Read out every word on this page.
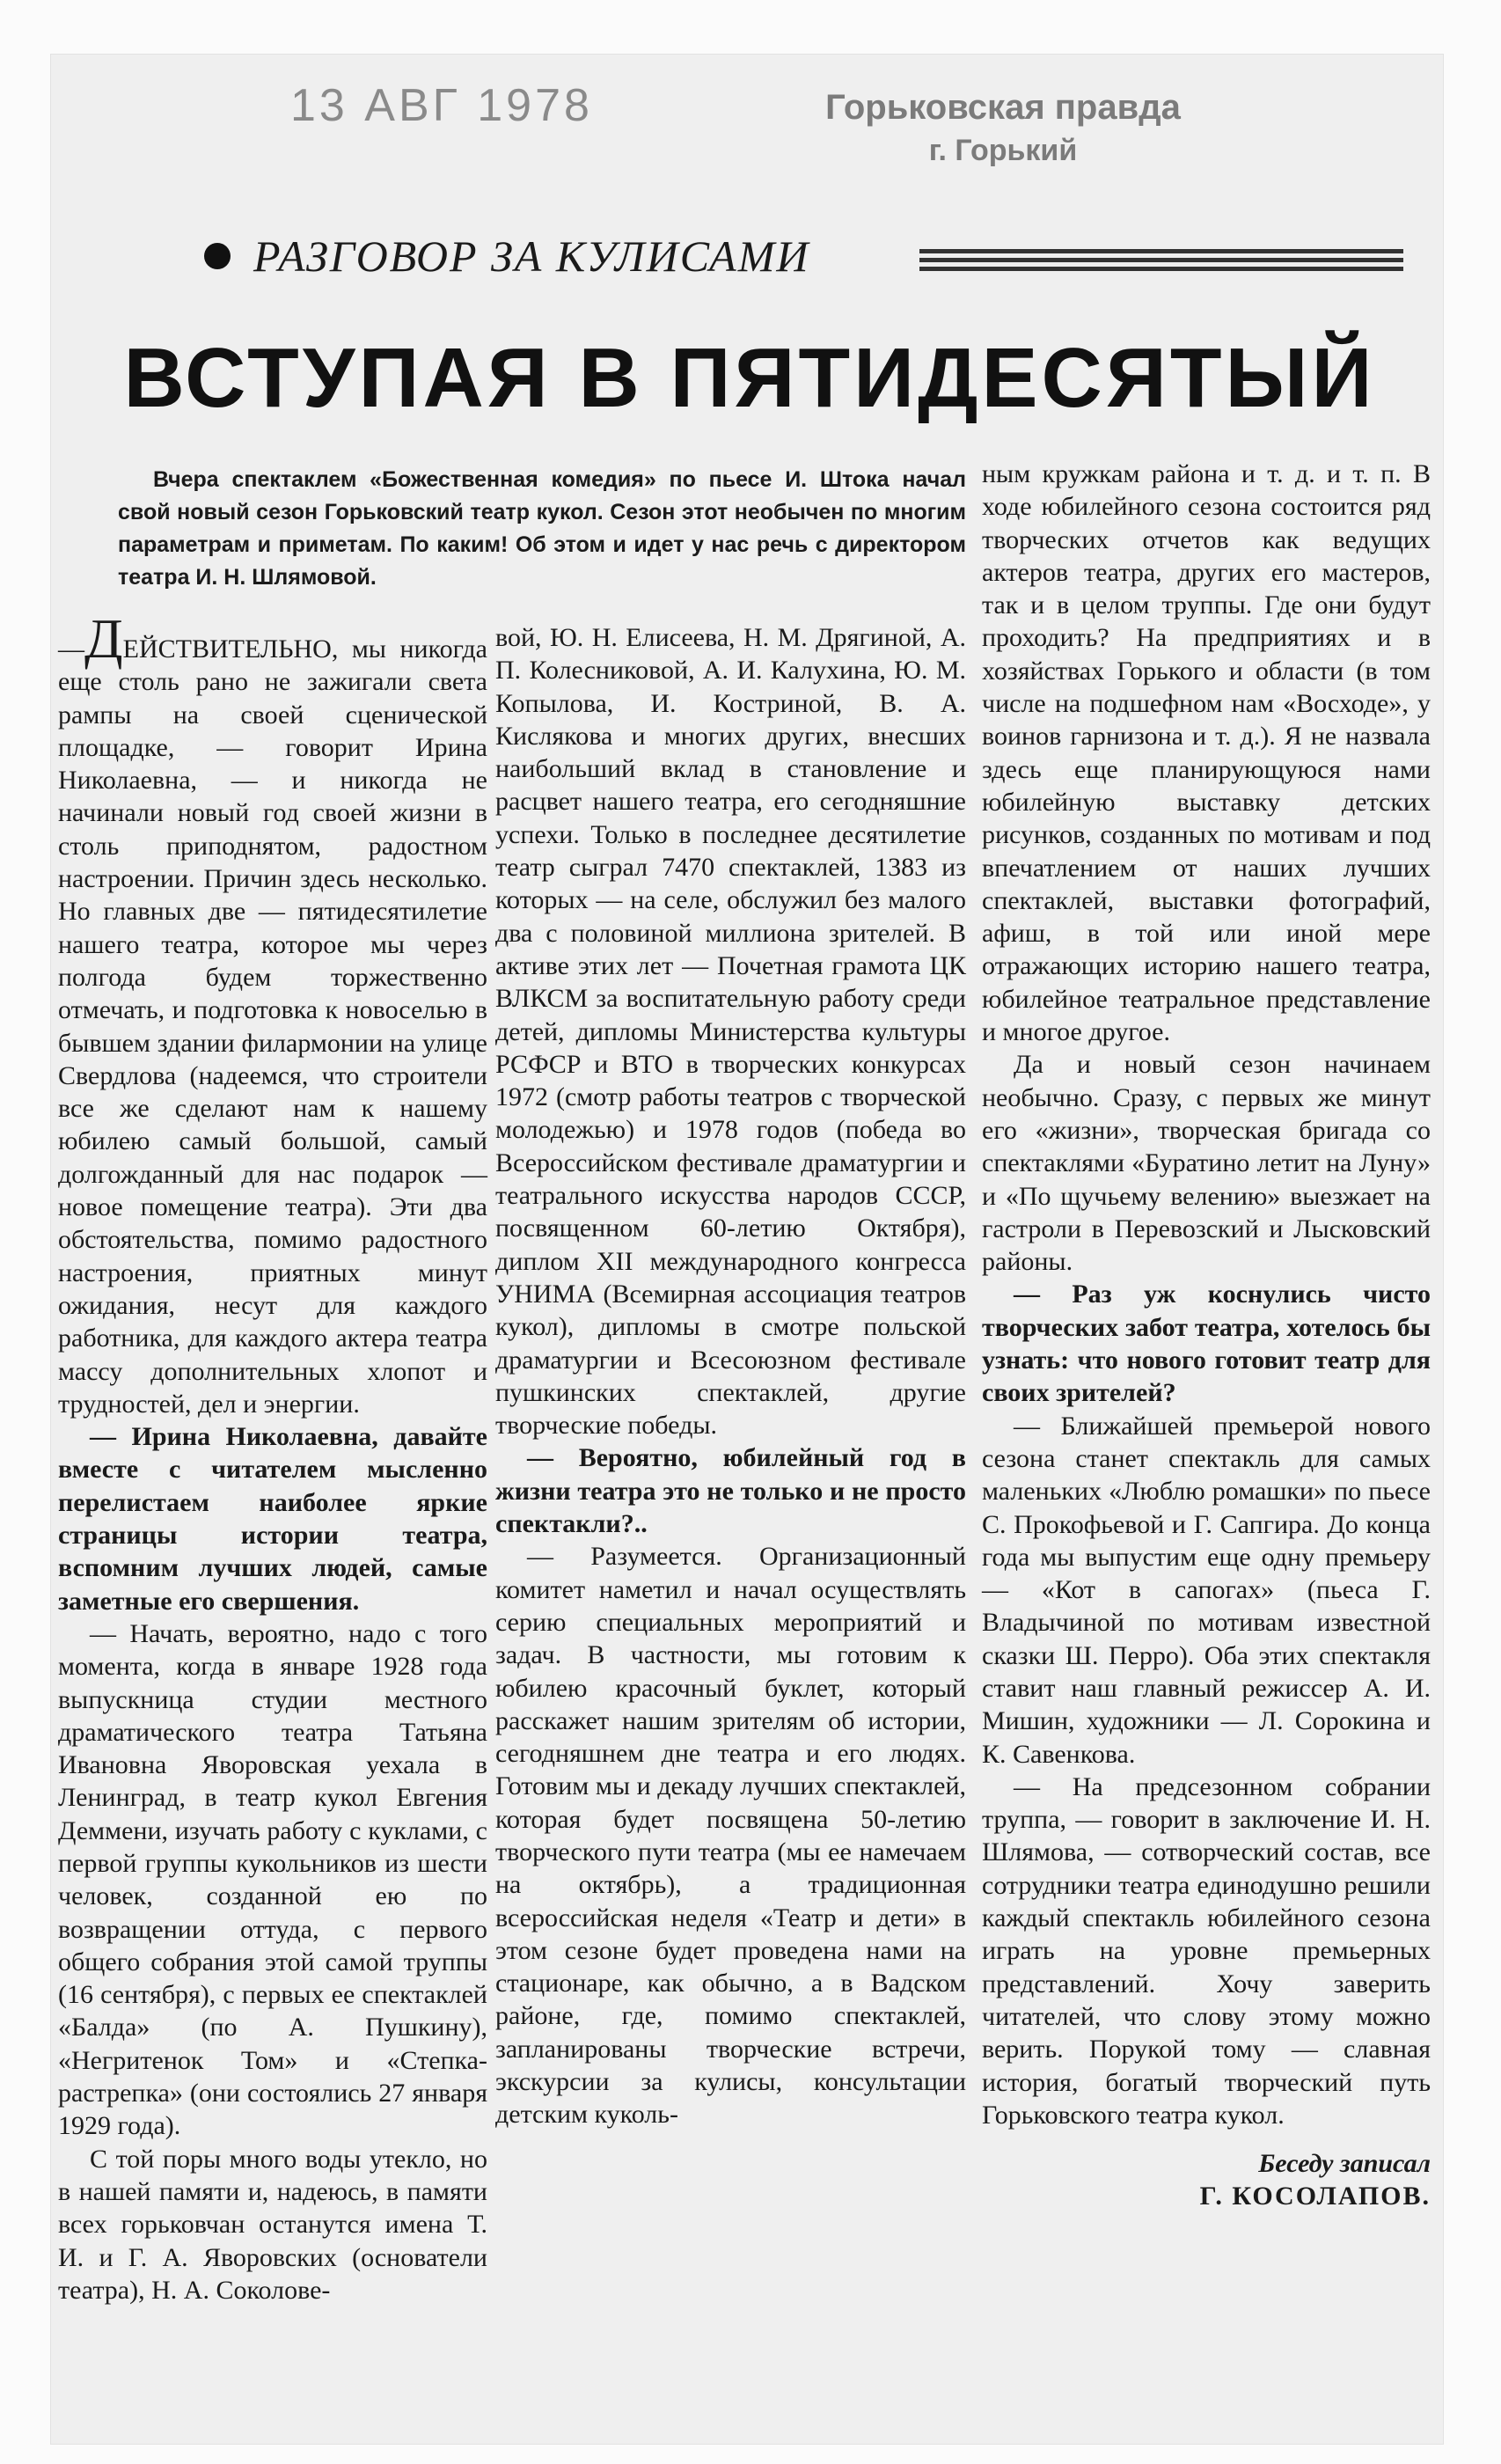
13 АВГ 1978	Горьковская правда
г. Горький
РАЗГОВОР ЗА КУЛИСАМИ
ВСТУПАЯ В ПЯТИДЕСЯТЫЙ
Вчера спектаклем «Божественная комедия» по пьесе И. Штока начал свой новый сезон Горьковский театр кукол. Сезон этот необычен по многим параметрам и приметам. По каким! Об этом и идет у нас речь с директором театра И. Н. Шлямовой.

—ДЕЙСТВИТЕЛЬНО, мы никогда еще столь рано не зажигали света рампы на своей сценической площадке, — говорит Ирина Николаевна, — и никогда не начинали новый год своей жизни в столь приподнятом, радостном настроении. Причин здесь несколько. Но главных две — пятидесятилетие нашего театра, которое мы через полгода будем торжественно отмечать, и подготовка к новоселью в бывшем здании филармонии на улице Свердлова (надеемся, что строители все же сделают нам к нашему юбилею самый большой, самый долгожданный для нас подарок — новое помещение театра). Эти два обстоятельства, помимо радостного настроения, приятных минут ожидания, несут для каждого работника, для каждого актера театра массу дополнительных хлопот и трудностей, дел и энергии.

— Ирина Николаевна, давайте вместе с читателем мысленно перелистаем наиболее яркие страницы истории театра, вспомним лучших людей, самые заметные его свершения.

— Начать, вероятно, надо с того момента, когда в январе 1928 года выпускница студии местного драматического театра Татьяна Ивановна Яворовская уехала в Ленинград, в театр кукол Евгения Деммени, изучать работу с куклами, с первой группы кукольников из шести человек, созданной ею по возвращении оттуда, с первого общего собрания этой самой труппы (16 сентября), с первых ее спектаклей «Балда» (по А. Пушкину), «Негритенок Том» и «Степка-растрепка» (они состоялись 27 января 1929 года).

С той поры много воды утекло, но в нашей памяти и, надеюсь, в памяти всех горьковчан останутся имена Т. И. и Г. А. Яворовских (основатели театра), Н. А. Соколове-

вой, Ю. Н. Елисеева, Н. М. Дрягиной, А. П. Колесниковой, А. И. Калухина, Ю. М. Копылова, И. Костриной, В. А. Кислякова и многих других, внесших наибольший вклад в становление и расцвет нашего театра, его сегодняшние успехи. Только в последнее десятилетие театр сыграл 7470 спектаклей, 1383 из которых — на селе, обслужил без малого два с половиной миллиона зрителей. В активе этих лет — Почетная грамота ЦК ВЛКСМ за воспитательную работу среди детей, дипломы Министерства культуры РСФСР и ВТО в творческих конкурсах 1972 (смотр работы театров с творческой молодежью) и 1978 годов (победа во Всероссийском фестивале драматургии и театрального искусства народов СССР, посвященном 60-летию Октября), диплом XII международного конгресса УНИМА (Всемирная ассоциация театров кукол), дипломы в смотре польской драматургии и Всесоюзном фестивале пушкинских спектаклей, другие творческие победы.

— Вероятно, юбилейный год в жизни театра это не только и не просто спектакли?..

— Разумеется. Организационный комитет наметил и начал осуществлять серию специальных мероприятий и задач. В частности, мы готовим к юбилею красочный буклет, который расскажет нашим зрителям об истории, сегодняшнем дне театра и его людях. Готовим мы и декаду лучших спектаклей, которая будет посвящена 50-летию творческого пути театра (мы ее намечаем на октябрь), а традиционная всероссийская неделя «Театр и дети» в этом сезоне будет проведена нами на стационаре, как обычно, а в Вадском районе, где, помимо спектаклей, запланированы творческие встречи, экскурсии за кулисы, консультации детским куколь-

ным кружкам района и т. д. и т. п. В ходе юбилейного сезона состоится ряд творческих отчетов как ведущих актеров театра, других его мастеров, так и в целом труппы. Где они будут проходить? На предприятиях и в хозяйствах Горького и области (в том числе на подшефном нам «Восходе», у воинов гарнизона и т. д.). Я не назвала здесь еще планирующуюся нами юбилейную выставку детских рисунков, созданных по мотивам и под впечатлением от наших лучших спектаклей, выставки фотографий, афиш, в той или иной мере отражающих историю нашего театра, юбилейное театральное представление и многое другое.

Да и новый сезон начинаем необычно. Сразу, с первых же минут его «жизни», творческая бригада со спектаклями «Буратино летит на Луну» и «По щучьему велению» выезжает на гастроли в Перевозский и Лысковский районы.

— Раз уж коснулись чисто творческих забот театра, хотелось бы узнать: что нового готовит театр для своих зрителей?

— Ближайшей премьерой нового сезона станет спектакль для самых маленьких «Люблю ромашки» по пьесе С. Прокофьевой и Г. Сапгира. До конца года мы выпустим еще одну премьеру — «Кот в сапогах» (пьеса Г. Владычиной по мотивам известной сказки Ш. Перро). Оба этих спектакля ставит наш главный режиссер А. И. Мишин, художники — Л. Сорокина и К. Савенкова.

— На предсезонном собрании труппа, — говорит в заключение И. Н. Шлямова, — сотворческий состав, все сотрудники театра единодушно решили каждый спектакль юбилейного сезона играть на уровне премьерных представлений. Хочу заверить читателей, что слову этому можно верить. Порукой тому — славная история, богатый творческий путь Горьковского театра кукол.

Беседу записал

Г. КОСОЛАПОВ.
